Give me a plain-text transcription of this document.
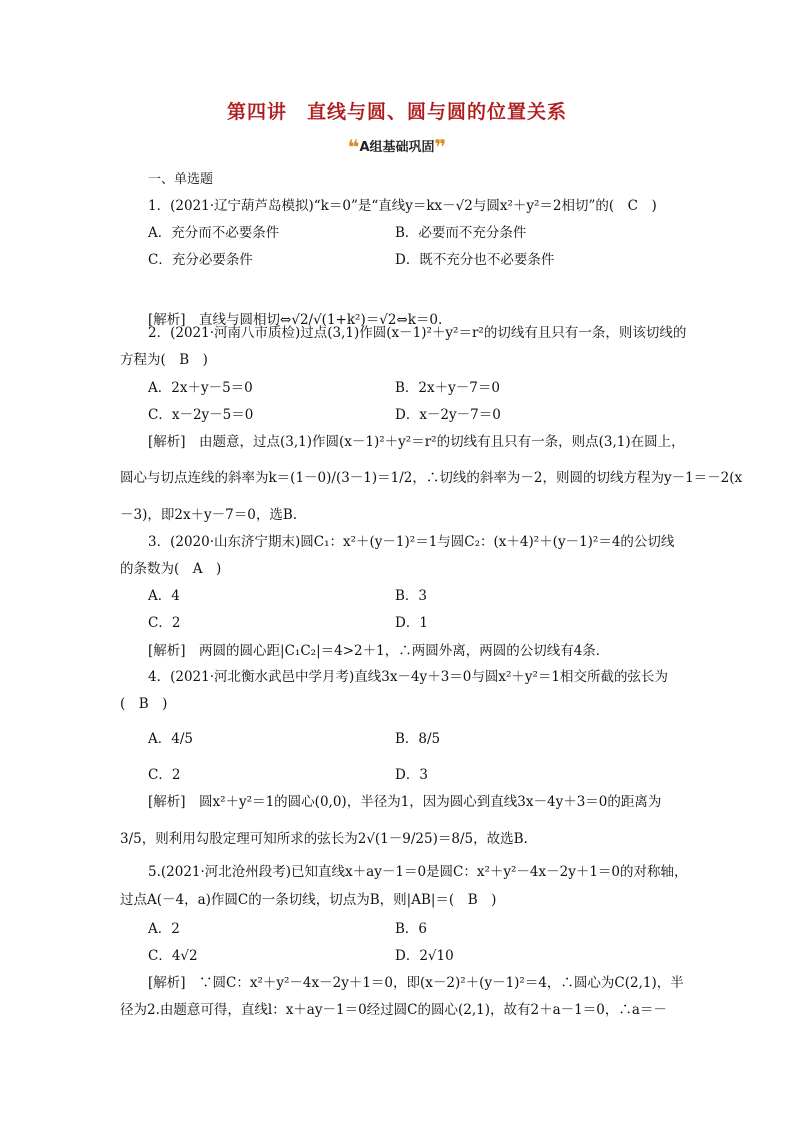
第四讲　直线与圆、圆与圆的位置关系
❝A组基础巩固❞
一、单选题
1．(2021·辽宁葫芦岛模拟)“k＝0”是“直线y＝kx－√2与圆x²＋y²＝2相切”的(　C　)
A．充分而不必要条件	B．必要而不充分条件
C．充分必要条件	D．既不充分也不必要条件
[解析]　直线与圆相切⇔√2/√(1+k²)＝√2⇔k＝0.
2．(2021·河南八市质检)过点(3,1)作圆(x－1)²＋y²＝r²的切线有且只有一条，则该切线的
方程为(　B　)
A．2x＋y－5＝0	B．2x＋y－7＝0
C．x－2y－5＝0	D．x－2y－7＝0
[解析]　由题意，过点(3,1)作圆(x－1)²＋y²＝r²的切线有且只有一条，则点(3,1)在圆上，
圆心与切点连线的斜率为k＝(1－0)/(3－1)＝1/2，∴切线的斜率为－2，则圆的切线方程为y－1＝－2(x
－3)，即2x＋y－7＝0，选B.
3．(2020·山东济宁期末)圆C₁：x²＋(y－1)²＝1与圆C₂：(x＋4)²＋(y－1)²＝4的公切线
的条数为(　A　)
A．4	B．3
C．2	D．1
[解析]　两圆的圆心距|C₁C₂|＝4>2＋1，∴两圆外离，两圆的公切线有4条．
4．(2021·河北衡水武邑中学月考)直线3x－4y＋3＝0与圆x²＋y²＝1相交所截的弦长为
(　B　)
A．4/5	B．8/5
C．2	D．3
[解析]　圆x²＋y²＝1的圆心(0,0)，半径为1，因为圆心到直线3x－4y＋3＝0的距离为
3/5，则利用勾股定理可知所求的弦长为2√(1－9/25)＝8/5，故选B.
5.(2021·河北沧州段考)已知直线x＋ay－1＝0是圆C：x²＋y²－4x－2y＋1＝0的对称轴，
过点A(－4，a)作圆C的一条切线，切点为B，则|AB|＝(　B　)
A．2	B．6
C．4√2	D．2√10
[解析]　∵圆C：x²＋y²－4x－2y＋1＝0，即(x－2)²＋(y－1)²＝4，∴圆心为C(2,1)，半
径为2.由题意可得，直线l：x＋ay－1＝0经过圆C的圆心(2,1)，故有2＋a－1＝0，∴a＝－
